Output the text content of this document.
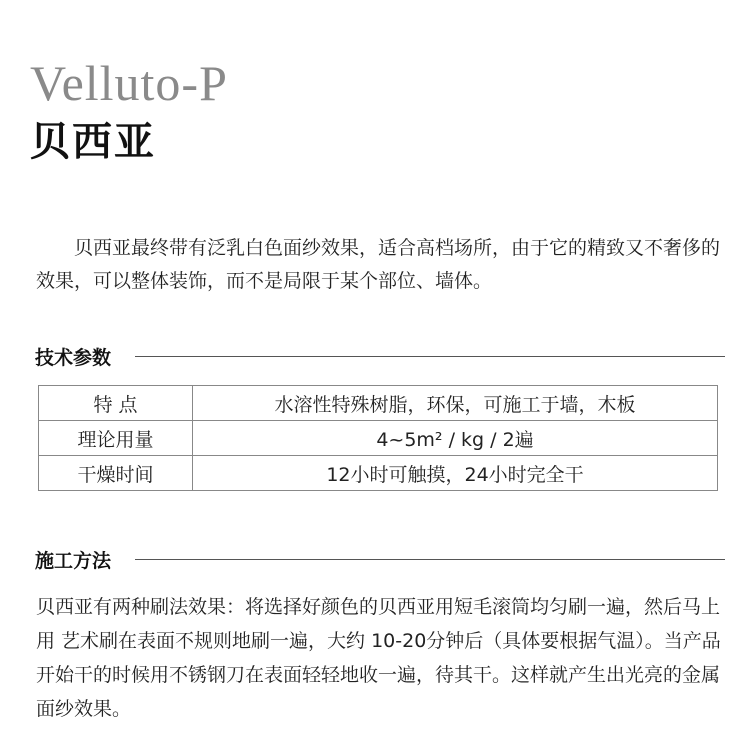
Velluto-P
贝西亚

贝西亚最终带有泛乳白色面纱效果，适合高档场所，由于它的精致又不奢侈的效果，可以整体装饰，而不是局限于某个部位、墙体。

技术参数
特 点	水溶性特殊树脂，环保，可施工于墙，木板
理论用量	4~5m² / kg / 2遍
干燥时间	12小时可触摸，24小时完全干
施工方法

贝西亚有两种刷法效果：将选择好颜色的贝西亚用短毛滚筒均匀刷一遍，然后马上用 艺术刷在表面不规则地刷一遍，大约 10-20分钟后（具体要根据气温）。当产品开始干的时候用不锈钢刀在表面轻轻地收一遍，待其干。这样就产生出光亮的金属面纱效果。
